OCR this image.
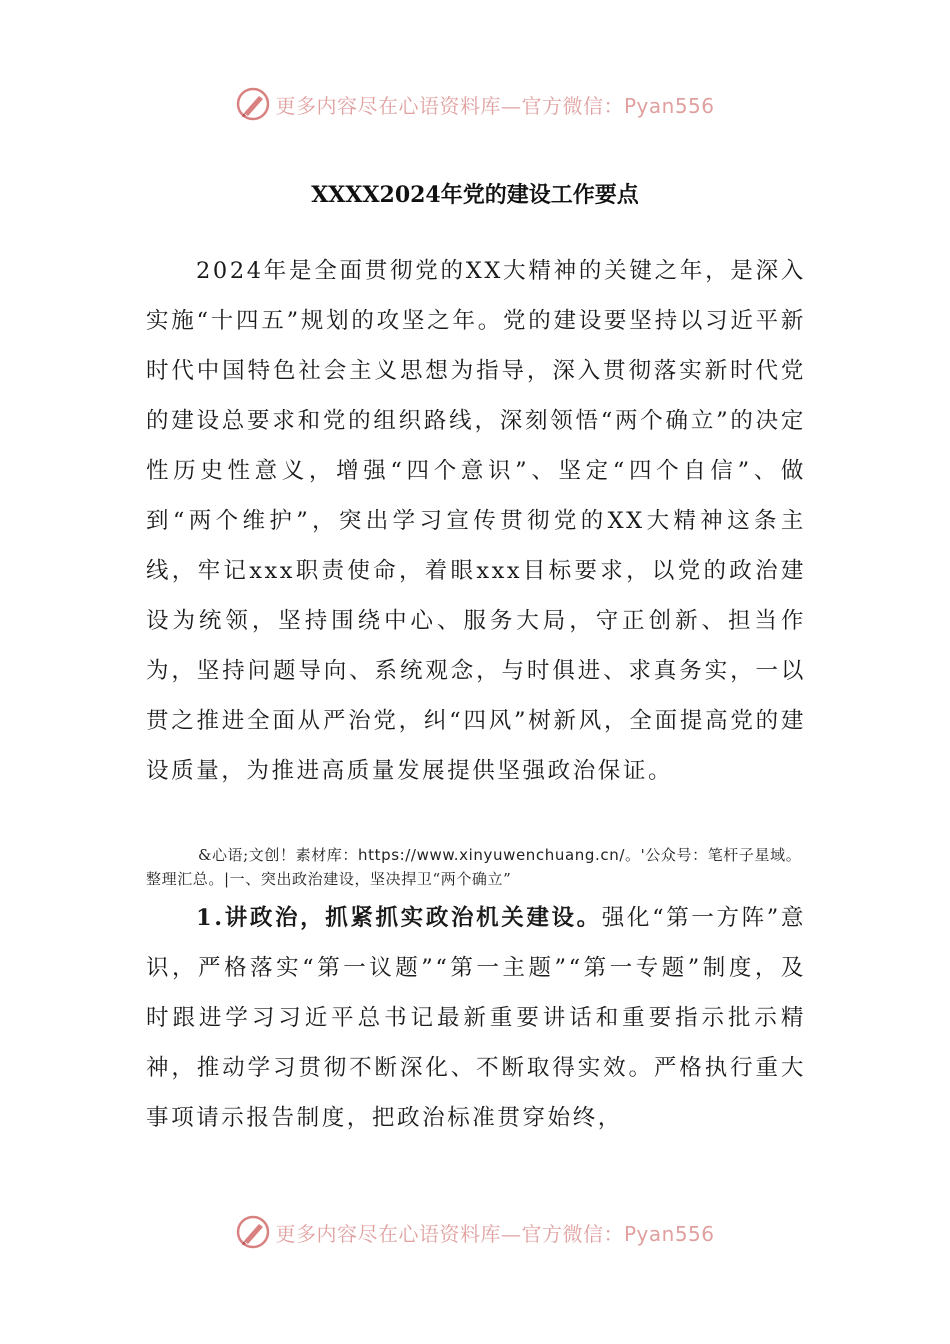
更多内容尽在心语资料库—官方微信：Pyan556
XXXX2024年党的建设工作要点

2024年是全面贯彻党的XX大精神的关键之年，是深入实施“十四五”规划的攻坚之年。党的建设要坚持以习近平新时代中国特色社会主义思想为指导，深入贯彻落实新时代党的建设总要求和党的组织路线，深刻领悟“两个确立”的决定性历史性意义，增强“四个意识”、坚定“四个自信”、做到“两个维护”，突出学习宣传贯彻党的XX大精神这条主线，牢记xxx职责使命，着眼xxx目标要求，以党的政治建设为统领，坚持围绕中心、服务大局，守正创新、担当作为，坚持问题导向、系统观念，与时俱进、求真务实，一以贯之推进全面从严治党，纠“四风”树新风，全面提高党的建设质量，为推进高质量发展提供坚强政治保证。

&心语;文创！素材库：https://www.xinyuwenchuang.cn/。'公众号：笔杆子星域。整理汇总。|一、突出政治建设，坚决捍卫“两个确立”

1.讲政治，抓紧抓实政治机关建设。强化“第一方阵”意识，严格落实“第一议题”“第一主题”“第一专题”制度，及时跟进学习习近平总书记最新重要讲话和重要指示批示精神，推动学习贯彻不断深化、不断取得实效。严格执行重大事项请示报告制度，把政治标准贯穿始终，

更多内容尽在心语资料库—官方微信：Pyan556
